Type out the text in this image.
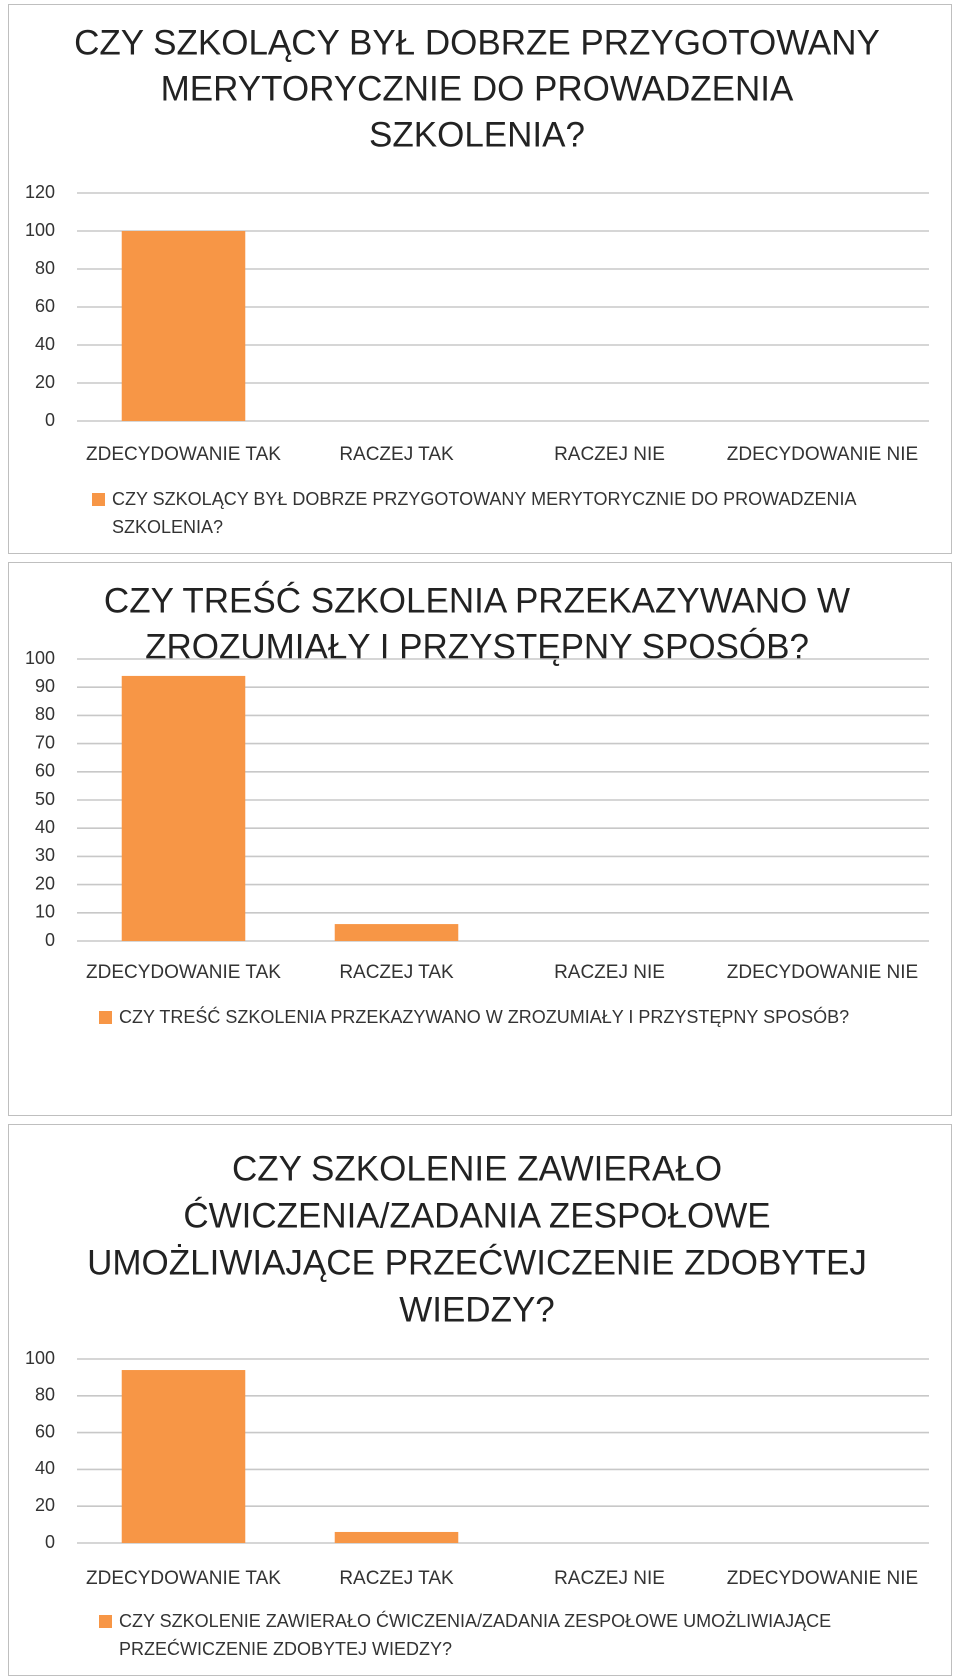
CZY SZKOLĄCY BYŁ DOBRZE PRZYGOTOWANY
MERYTORYCZNIE DO PROWADZENIA
SZKOLENIA?
0
20
40
60
80
100
120
ZDECYDOWANIE TAK	RACZEJ TAK	RACZEJ NIE	ZDECYDOWANIE NIE
CZY SZKOLĄCY BYŁ DOBRZE PRZYGOTOWANY MERYTORYCZNIE DO PROWADZENIA
SZKOLENIA?
CZY TREŚĆ SZKOLENIA PRZEKAZYWANO W
ZROZUMIAŁY I PRZYSTĘPNY SPOSÓB?
0
10
20
30
40
50
60
70
80
90
100
ZDECYDOWANIE TAK	RACZEJ TAK	RACZEJ NIE	ZDECYDOWANIE NIE
CZY TREŚĆ SZKOLENIA PRZEKAZYWANO W ZROZUMIAŁY I PRZYSTĘPNY SPOSÓB?
CZY SZKOLENIE ZAWIERAŁO
ĆWICZENIA/ZADANIA ZESPOŁOWE
UMOŻLIWIAJĄCE PRZEĆWICZENIE ZDOBYTEJ
WIEDZY?
0
20
40
60
80
100
ZDECYDOWANIE TAK	RACZEJ TAK	RACZEJ NIE	ZDECYDOWANIE NIE
CZY SZKOLENIE ZAWIERAŁO ĆWICZENIA/ZADANIA ZESPOŁOWE UMOŻLIWIAJĄCE
PRZEĆWICZENIE ZDOBYTEJ WIEDZY?
